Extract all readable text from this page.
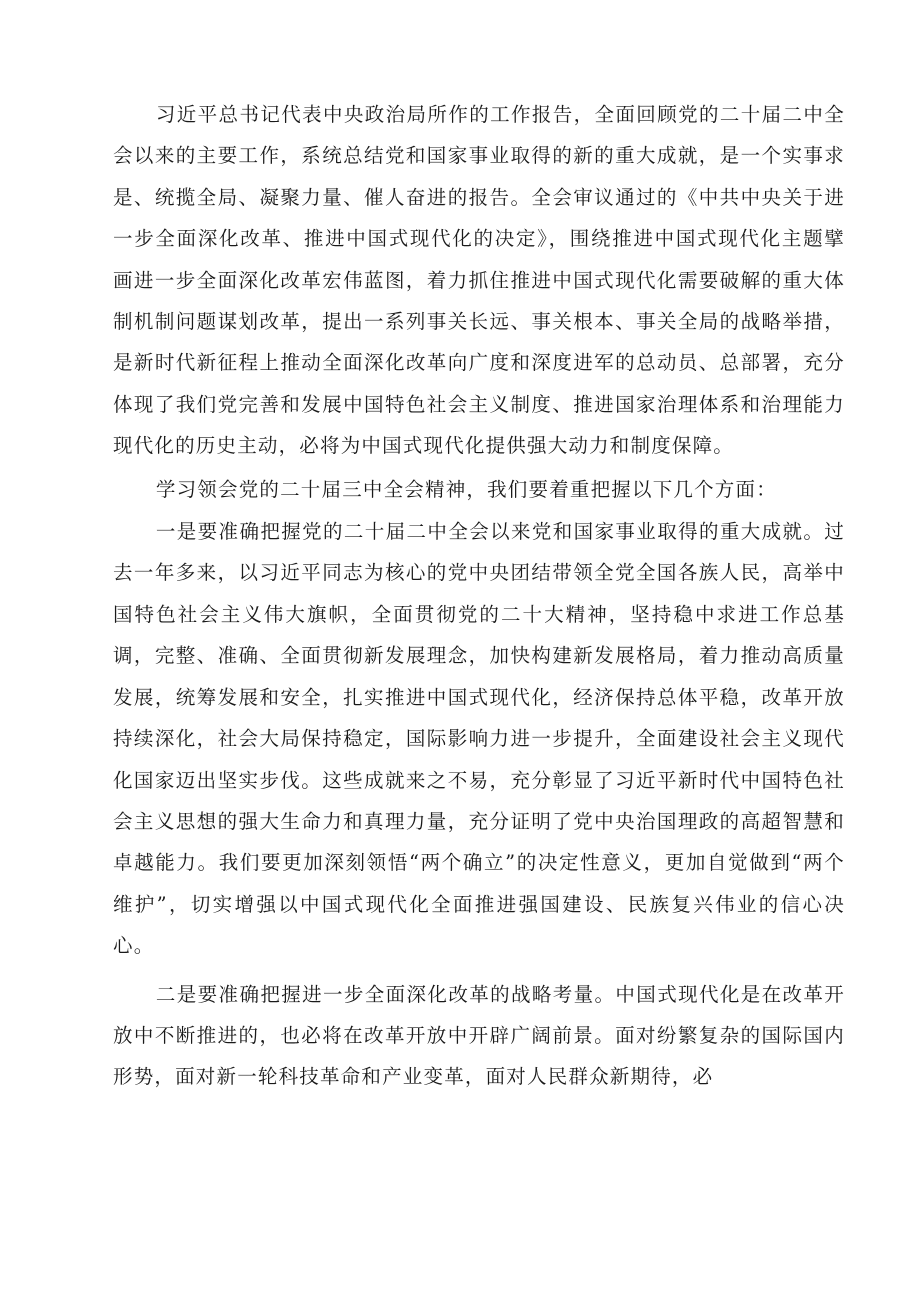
习近平总书记代表中央政治局所作的工作报告，全面回顾党的二十届二中全会以来的主要工作，系统总结党和国家事业取得的新的重大成就，是一个实事求是、统揽全局、凝聚力量、催人奋进的报告。全会审议通过的《中共中央关于进一步全面深化改革、推进中国式现代化的决定》，围绕推进中国式现代化主题擘画进一步全面深化改革宏伟蓝图，着力抓住推进中国式现代化需要破解的重大体制机制问题谋划改革，提出一系列事关长远、事关根本、事关全局的战略举措，是新时代新征程上推动全面深化改革向广度和深度进军的总动员、总部署，充分体现了我们党完善和发展中国特色社会主义制度、推进国家治理体系和治理能力现代化的历史主动，必将为中国式现代化提供强大动力和制度保障。

学习领会党的二十届三中全会精神，我们要着重把握以下几个方面：

一是要准确把握党的二十届二中全会以来党和国家事业取得的重大成就。过去一年多来，以习近平同志为核心的党中央团结带领全党全国各族人民，高举中国特色社会主义伟大旗帜，全面贯彻党的二十大精神，坚持稳中求进工作总基调，完整、准确、全面贯彻新发展理念，加快构建新发展格局，着力推动高质量发展，统筹发展和安全，扎实推进中国式现代化，经济保持总体平稳，改革开放持续深化，社会大局保持稳定，国际影响力进一步提升，全面建设社会主义现代化国家迈出坚实步伐。这些成就来之不易，充分彰显了习近平新时代中国特色社会主义思想的强大生命力和真理力量，充分证明了党中央治国理政的高超智慧和卓越能力。我们要更加深刻领悟“两个确立”的决定性意义，更加自觉做到“两个维护”，切实增强以中国式现代化全面推进强国建设、民族复兴伟业的信心决心。

二是要准确把握进一步全面深化改革的战略考量。中国式现代化是在改革开放中不断推进的，也必将在改革开放中开辟广阔前景。面对纷繁复杂的国际国内形势，面对新一轮科技革命和产业变革，面对人民群众新期待，必
